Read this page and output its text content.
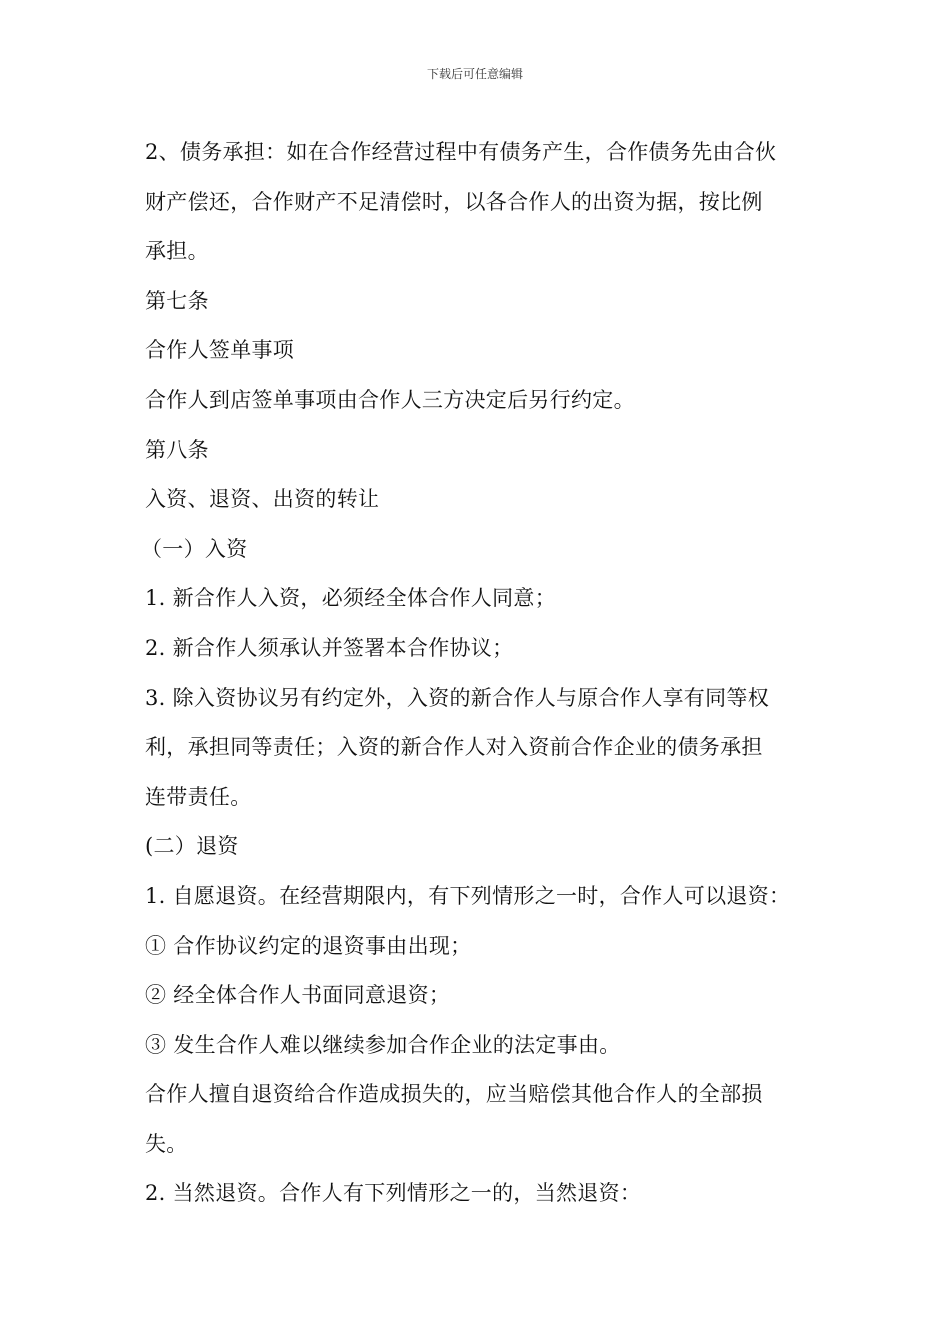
下载后可任意编辑
2、债务承担：如在合作经营过程中有债务产生，合作债务先由合伙
财产偿还，合作财产不足清偿时，以各合作人的出资为据，按比例
承担。
第七条
合作人签单事项
合作人到店签单事项由合作人三方决定后另行约定。
第八条
入资、退资、出资的转让
（一）入资
1. 新合作人入资，必须经全体合作人同意；
2. 新合作人须承认并签署本合作协议；
3. 除入资协议另有约定外，入资的新合作人与原合作人享有同等权
利，承担同等责任；入资的新合作人对入资前合作企业的债务承担
连带责任。
(二）退资
1. 自愿退资。在经营期限内，有下列情形之一时，合作人可以退资：
① 合作协议约定的退资事由出现；
② 经全体合作人书面同意退资；
③ 发生合作人难以继续参加合作企业的法定事由。
合作人擅自退资给合作造成损失的，应当赔偿其他合作人的全部损
失。
2. 当然退资。合作人有下列情形之一的，当然退资：
